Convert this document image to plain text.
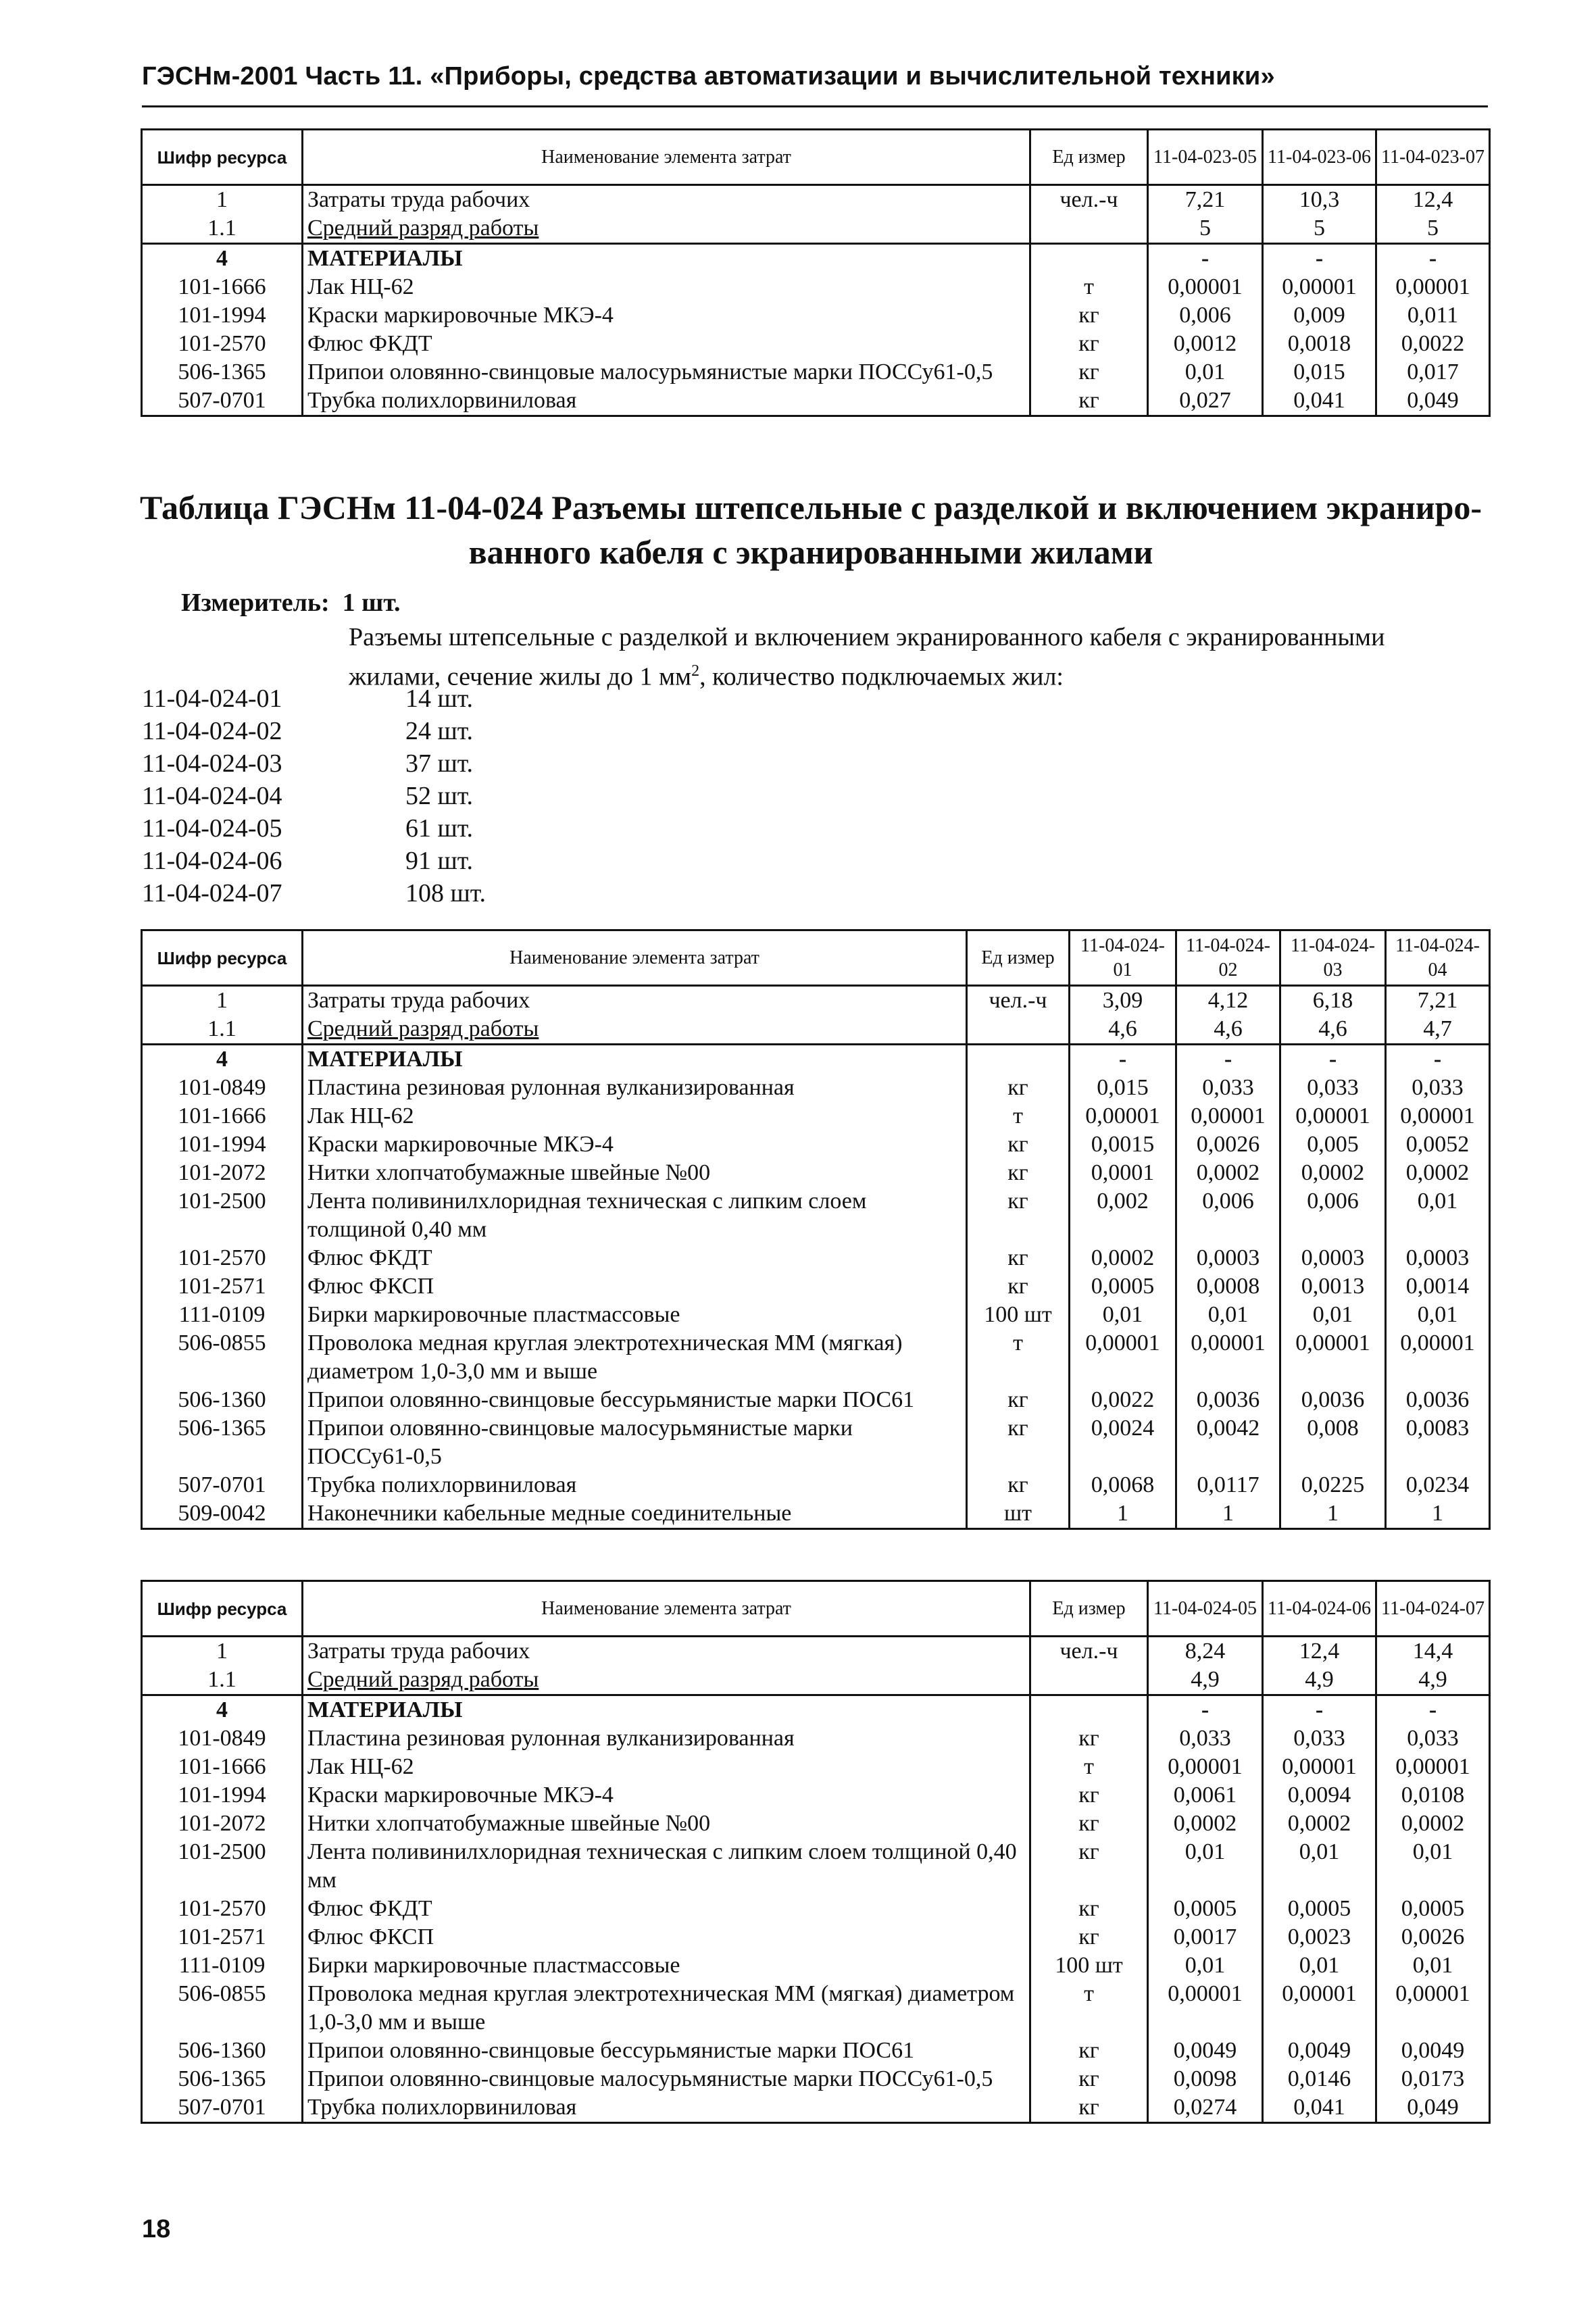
ГЭСНм-2001 Часть 11. «Приборы, средства автоматизации и вычислительной техники»
Шифр ресурса	Наименование элемента затрат	Ед измер	11-04-023-05	11-04-023-06	11-04-023-07
1	Затраты труда рабочих	чел.-ч	7,21	10,3	12,4
1.1	Средний разряд работы		5	5	5
4	МАТЕРИАЛЫ		-	-	-
101-1666	Лак НЦ-62	т	0,00001	0,00001	0,00001
101-1994	Краски маркировочные МКЭ-4	кг	0,006	0,009	0,011
101-2570	Флюс ФКДТ	кг	0,0012	0,0018	0,0022
506-1365	Припои оловянно-свинцовые малосурьмянистые марки ПОССу61-0,5	кг	0,01	0,015	0,017
507-0701	Трубка полихлорвиниловая	кг	0,027	0,041	0,049
Таблица ГЭСНм 11-04-024 Разъемы штепсельные с разделкой и включением экраниро-
ванного кабеля с экранированными жилами
Измеритель: 1 шт.
Разъемы штепсельные с разделкой и включением экранированного кабеля с экранированными
жилами, сечение жилы до 1 $мм^2$, количество подключаемых жил:
11-04-024-01	14 шт.
11-04-024-02	24 шт.
11-04-024-03	37 шт.
11-04-024-04	52 шт.
11-04-024-05	61 шт.
11-04-024-06	91 шт.
11-04-024-07	108 шт.
Шифр ресурса	Наименование элемента затрат	Ед измер	11-04-024-01	11-04-024-02	11-04-024-03	11-04-024-04
1	Затраты труда рабочих	чел.-ч	3,09	4,12	6,18	7,21
1.1	Средний разряд работы		4,6	4,6	4,6	4,7
4	МАТЕРИАЛЫ		-	-	-	-
101-0849	Пластина резиновая рулонная вулканизированная	кг	0,015	0,033	0,033	0,033
101-1666	Лак НЦ-62	т	0,00001	0,00001	0,00001	0,00001
101-1994	Краски маркировочные МКЭ-4	кг	0,0015	0,0026	0,005	0,0052
101-2072	Нитки хлопчатобумажные швейные №00	кг	0,0001	0,0002	0,0002	0,0002
101-2500	Лента поливинилхлоридная техническая с липким слоем толщиной 0,40 мм	кг	0,002	0,006	0,006	0,01
101-2570	Флюс ФКДТ	кг	0,0002	0,0003	0,0003	0,0003
101-2571	Флюс ФКСП	кг	0,0005	0,0008	0,0013	0,0014
111-0109	Бирки маркировочные пластмассовые	100 шт	0,01	0,01	0,01	0,01
506-0855	Проволока медная круглая электротехническая ММ (мягкая) диаметром 1,0-3,0 мм и выше	т	0,00001	0,00001	0,00001	0,00001
506-1360	Припои оловянно-свинцовые бессурьмянистые марки ПОС61	кг	0,0022	0,0036	0,0036	0,0036
506-1365	Припои оловянно-свинцовые малосурьмянистые марки ПОССу61-0,5	кг	0,0024	0,0042	0,008	0,0083
507-0701	Трубка полихлорвиниловая	кг	0,0068	0,0117	0,0225	0,0234
509-0042	Наконечники кабельные медные соединительные	шт	1	1	1	1
Шифр ресурса	Наименование элемента затрат	Ед измер	11-04-024-05	11-04-024-06	11-04-024-07
1	Затраты труда рабочих	чел.-ч	8,24	12,4	14,4
1.1	Средний разряд работы		4,9	4,9	4,9
4	МАТЕРИАЛЫ		-	-	-
101-0849	Пластина резиновая рулонная вулканизированная	кг	0,033	0,033	0,033
101-1666	Лак НЦ-62	т	0,00001	0,00001	0,00001
101-1994	Краски маркировочные МКЭ-4	кг	0,0061	0,0094	0,0108
101-2072	Нитки хлопчатобумажные швейные №00	кг	0,0002	0,0002	0,0002
101-2500	Лента поливинилхлоридная техническая с липким слоем толщиной 0,40 мм	кг	0,01	0,01	0,01
101-2570	Флюс ФКДТ	кг	0,0005	0,0005	0,0005
101-2571	Флюс ФКСП	кг	0,0017	0,0023	0,0026
111-0109	Бирки маркировочные пластмассовые	100 шт	0,01	0,01	0,01
506-0855	Проволока медная круглая электротехническая ММ (мягкая) диаметром 1,0-3,0 мм и выше	т	0,00001	0,00001	0,00001
506-1360	Припои оловянно-свинцовые бессурьмянистые марки ПОС61	кг	0,0049	0,0049	0,0049
506-1365	Припои оловянно-свинцовые малосурьмянистые марки ПОССу61-0,5	кг	0,0098	0,0146	0,0173
507-0701	Трубка полихлорвиниловая	кг	0,0274	0,041	0,049
18
